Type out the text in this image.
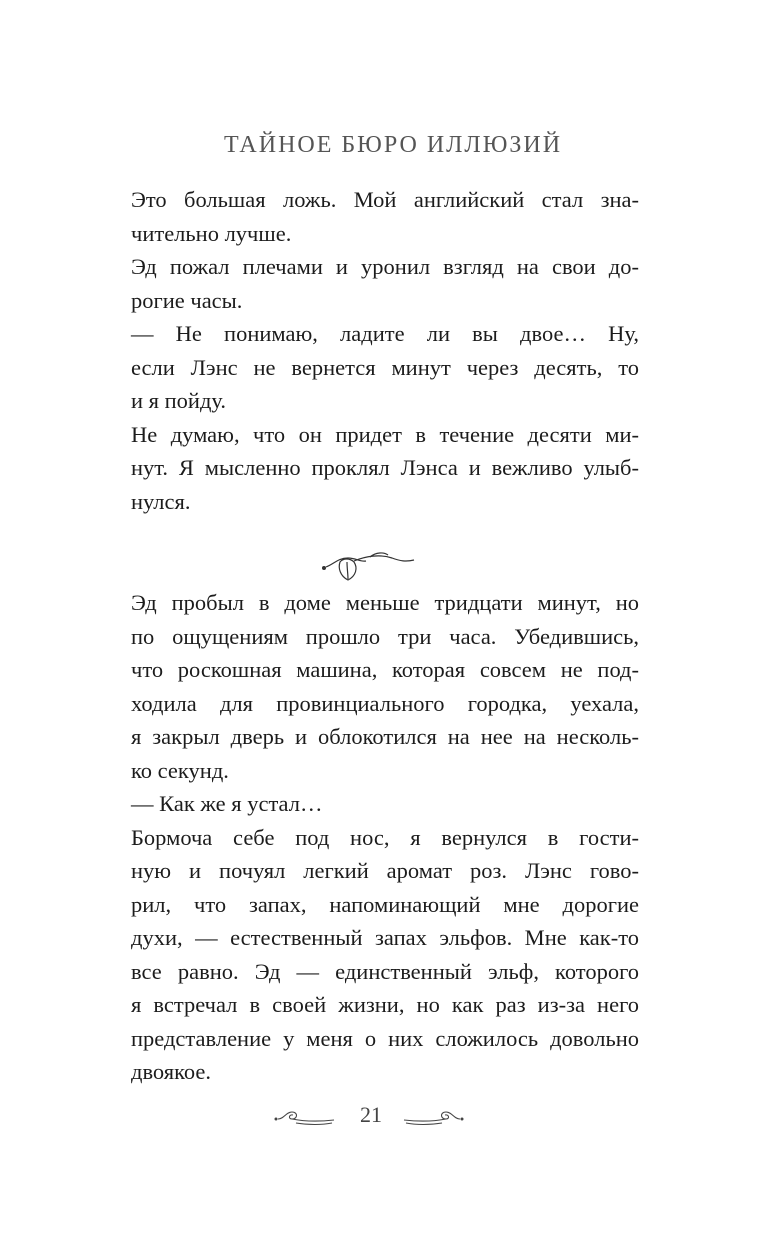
ТАЙНОЕ БЮРО ИЛЛЮЗИЙ

Это большая ложь. Мой английский стал зна-
чительно лучше.

Эд пожал плечами и уронил взгляд на свои до-
рогие часы.

— Не понимаю, ладите ли вы двое… Ну,
если Лэнс не вернется минут через десять, то
и я пойду.

Не думаю, что он придет в течение десяти ми-
нут. Я мысленно проклял Лэнса и вежливо улыб-
нулся.

Эд пробыл в доме меньше тридцати минут, но
по ощущениям прошло три часа. Убедившись,
что роскошная машина, которая совсем не под-
ходила для провинциального городка, уехала,
я закрыл дверь и облокотился на нее на несколь-
ко секунд.

— Как же я устал…

Бормоча себе под нос, я вернулся в гости-
ную и почуял легкий аромат роз. Лэнс гово-
рил, что запах, напоминающий мне дорогие
духи, — естественный запах эльфов. Мне как-то
все равно. Эд — единственный эльф, которого
я встречал в своей жизни, но как раз из-за него
представление у меня о них сложилось довольно
двоякое.

21
